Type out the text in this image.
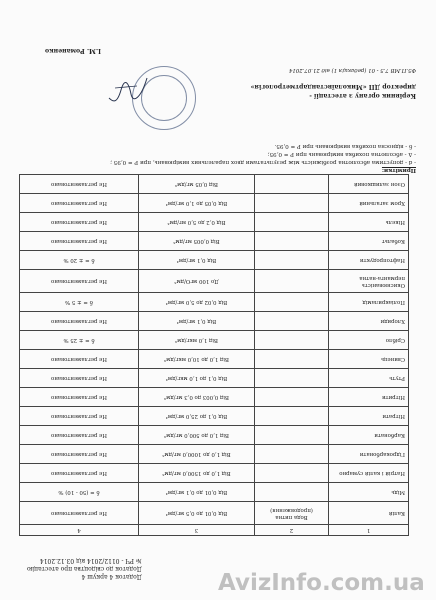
Додаток 4 аркуш 4
Додаток до свідоцтва про атестацію
№ РЧ - 0112/2014 від 03.12.2014
1	2	3	4
Калій	Вода питна (продовження)	Від 0,01 до 0,5 мг/дм³	Не регламентовано
Мідь		Від 0,01 до 0,1 мг/дм³	δ = (50 - 10) %
Натрій і калій сумарно		Від 1,0 до 1500,0 мг/дм³	Не регламентовано
Гідрокарбонати		Від 1,0 до 1000,0 мг/дм³	Не регламентовано
Карбонати		Від 1,0 до 500,0 мг/дм³	Не регламентовано
Нітрати		Від 0,1 до 25,0 мг/дм³	Не регламентовано
Нітрити		Від 0,003 до 0,3 мг/дм³	Не регламентовано
Ртуть		Від 0,1 до 1,0 мкг/дм³	Не регламентовано
Свинець		Від 1,0 до 10,0 мкг/дм³	Не регламентовано
Срібло		Від 1,0 мкг/дм³	δ = ± 25 %
Хлориди		Від 0,1 мг/дм³	Не регламентовано
Поліакриламід		Від 0,02 до 5,0 мг/дм³	δ = ± 5 %
Окиснюваність перманга-натна		До 100 мгО/дм³	Не регламентовано
Нафтопродукти		Від 0,1 мг/дм³	δ = ± 20 %
Кобальт		Від 0,005 мг/дм³	Не регламентовано
Нікель		Від 0,2 до 5,0 мг/дм³	Не регламентовано
Хром загальний		Від 0,05 до 1,0 мг/дм³	Не регламентовано
Озон залишковий		Від 0,05 мг/дм³	Не регламентовано
Примітки:
- d - допустима абсолютна розбіжність між результатами двох паралельних вимірювань, при P = 0,95 ;
- Δ - абсолютна похибка вимірювань при P = 0,95;
- δ - відносна похибка вимірювань при P = 0,95.
Керівник органу з атестації -
директор ДП «Миколаївстандартметрологія»
І.М. Романенко
Ф5.П.МВ 7.5 - 01 (редакція 1) від 21.07.2014
AvizInfo.com.ua
